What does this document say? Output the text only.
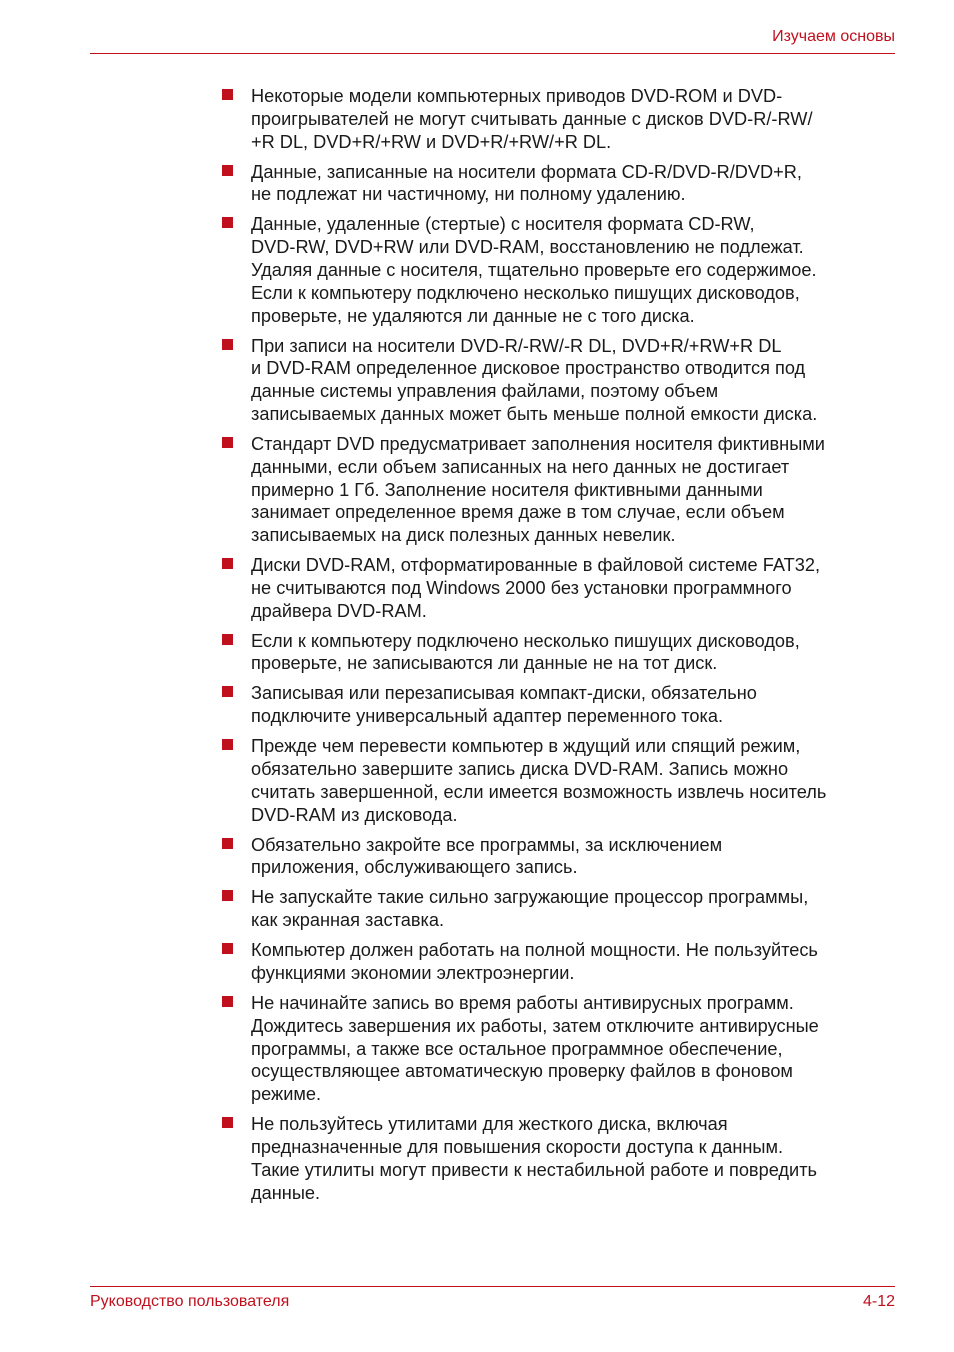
Изучаем основы
Некоторые модели компьютерных приводов DVD-ROM и DVD-
проигрывателей не могут считывать данные с дисков DVD-R/-RW/
+R DL, DVD+R/+RW и DVD+R/+RW/+R DL.
Данные, записанные на носители формата CD-R/DVD-R/DVD+R,
не подлежат ни частичному, ни полному удалению.
Данные, удаленные (стертые) с носителя формата CD-RW,
DVD-RW, DVD+RW или DVD-RAM, восстановлению не подлежат.
Удаляя данные с носителя, тщательно проверьте его содержимое.
Если к компьютеру подключено несколько пишущих дисководов,
проверьте, не удаляются ли данные не с того диска.
При записи на носители DVD-R/-RW/-R DL, DVD+R/+RW+R DL
и DVD-RAM определенное дисковое пространство отводится под
данные системы управления файлами, поэтому объем
записываемых данных может быть меньше полной емкости диска.
Стандарт DVD предусматривает заполнения носителя фиктивными
данными, если объем записанных на него данных не достигает
примерно 1 Гб. Заполнение носителя фиктивными данными
занимает определенное время даже в том случае, если объем
записываемых на диск полезных данных невелик.
Диски DVD-RAM, отформатированные в файловой системе FAT32,
не считываются под Windows 2000 без установки программного
драйвера DVD-RAM.
Если к компьютеру подключено несколько пишущих дисководов,
проверьте, не записываются ли данные не на тот диск.
Записывая или перезаписывая компакт-диски, обязательно
подключите универсальный адаптер переменного тока.
Прежде чем перевести компьютер в ждущий или спящий режим,
обязательно завершите запись диска DVD-RAM. Запись можно
считать завершенной, если имеется возможность извлечь носитель
DVD-RAM из дисковода.
Обязательно закройте все программы, за исключением
приложения, обслуживающего запись.
Не запускайте такие сильно загружающие процессор программы,
как экранная заставка.
Компьютер должен работать на полной мощности. Не пользуйтесь
функциями экономии электроэнергии.
Не начинайте запись во время работы антивирусных программ.
Дождитесь завершения их работы, затем отключите антивирусные
программы, а также все остальное программное обеспечение,
осуществляющее автоматическую проверку файлов в фоновом
режиме.
Не пользуйтесь утилитами для жесткого диска, включая
предназначенные для повышения скорости доступа к данным.
Такие утилиты могут привести к нестабильной работе и повредить
данные.
Руководство пользователя	4-12
